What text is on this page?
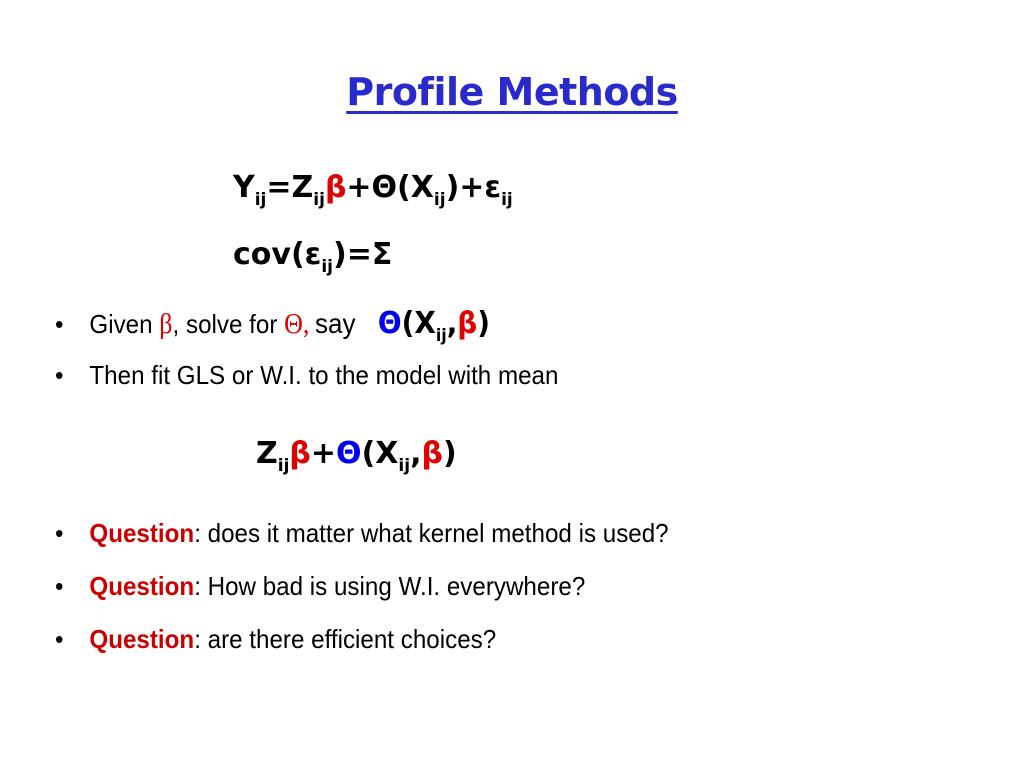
Profile Methods
$Y_{ij}=Z_{ij}\beta+\Theta(X_{ij})+\varepsilon_{ij}$
$cov(\varepsilon_{ij})=\Sigma$
• Given β, solve for Θ, say $\Theta(X_{ij},\beta)$
• Then fit GLS or W.I. to the model with mean
$Z_{ij}\beta+\Theta(X_{ij},\beta)$
• Question: does it matter what kernel method is used?
• Question: How bad is using W.I. everywhere?
• Question: are there efficient choices?
